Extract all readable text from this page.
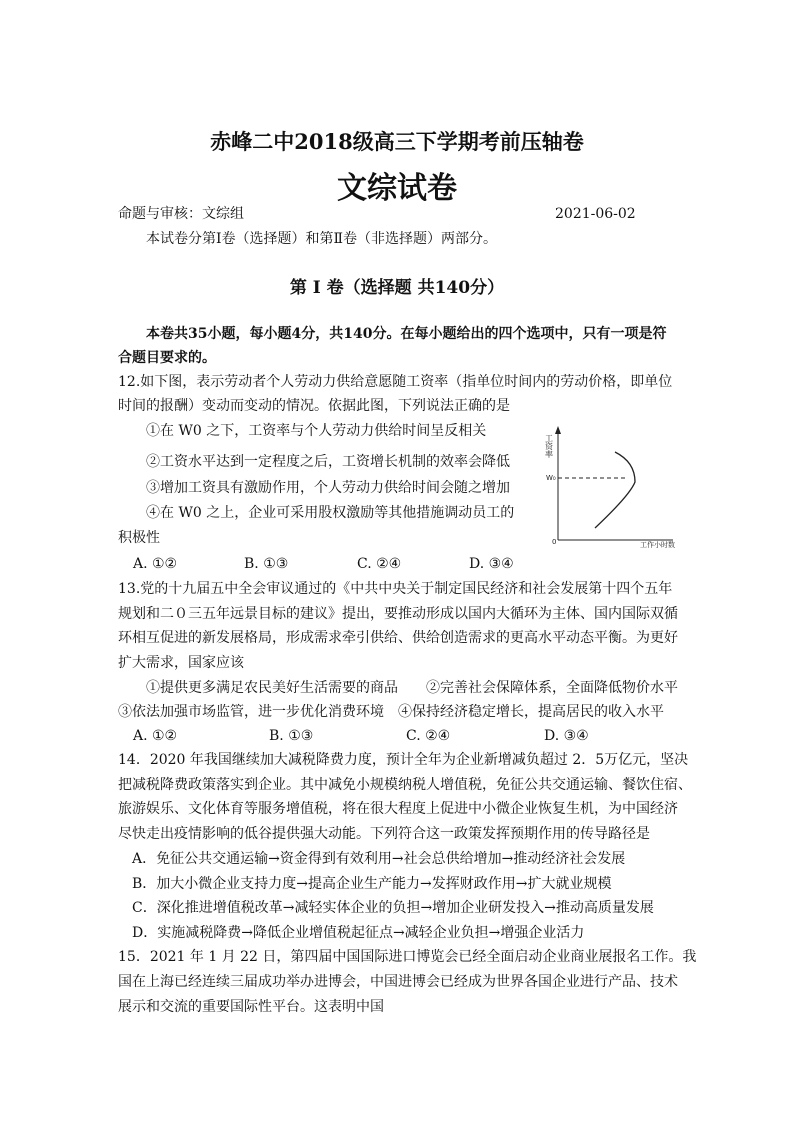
赤峰二中2018级高三下学期考前压轴卷
文综试卷
命题与审核：文综组	2021-06-02
本试卷分第Ⅰ卷（选择题）和第Ⅱ卷（非选择题）两部分。
第 Ⅰ 卷（选择题 共140分）
本卷共35小题，每小题4分，共140分。在每小题给出的四个选项中，只有一项是符
合题目要求的。
12.如下图，表示劳动者个人劳动力供给意愿随工资率（指单位时间内的劳动价格，即单位
时间的报酬）变动而变动的情况。依据此图，下列说法正确的是
①在 W0 之下，工资率与个人劳动力供给时间呈反相关
②工资水平达到一定程度之后，工资增长机制的效率会降低
③增加工资具有激励作用，个人劳动力供给时间会随之增加
④在 W0 之上，企业可采用股权激励等其他措施调动员工的
积极性
工资率
W₀
0	工作小时数
A. ①②	B. ①③	C. ②④	D. ③④
13.党的十九届五中全会审议通过的《中共中央关于制定国民经济和社会发展第十四个五年
规划和二０三五年远景目标的建议》提出，要推动形成以国内大循环为主体、国内国际双循
环相互促进的新发展格局，形成需求牵引供给、供给创造需求的更高水平动态平衡。为更好
扩大需求，国家应该
①提供更多满足农民美好生活需要的商品　　②完善社会保障体系，全面降低物价水平
③依法加强市场监管，进一步优化消费环境　④保持经济稳定增长，提高居民的收入水平
A. ①②	B. ①③	C. ②④	D. ③④
14．2020 年我国继续加大减税降费力度，预计全年为企业新增减负超过 2．5万亿元，坚决
把减税降费政策落实到企业。其中减免小规模纳税人增值税，免征公共交通运输、餐饮住宿、
旅游娱乐、文化体育等服务增值税，将在很大程度上促进中小微企业恢复生机，为中国经济
尽快走出疫情影响的低谷提供强大动能。下列符合这一政策发挥预期作用的传导路径是
A．免征公共交通运输→资金得到有效利用→社会总供给增加→推动经济社会发展
B．加大小微企业支持力度→提高企业生产能力→发挥财政作用→扩大就业规模
C．深化推进增值税改革→减轻实体企业的负担→增加企业研发投入→推动高质量发展
D．实施减税降费→降低企业增值税起征点→减轻企业负担→增强企业活力
15．2021 年 1 月 22 日，第四届中国国际进口博览会已经全面启动企业商业展报名工作。我
国在上海已经连续三届成功举办进博会，中国进博会已经成为世界各国企业进行产品、技术
展示和交流的重要国际性平台。这表明中国
